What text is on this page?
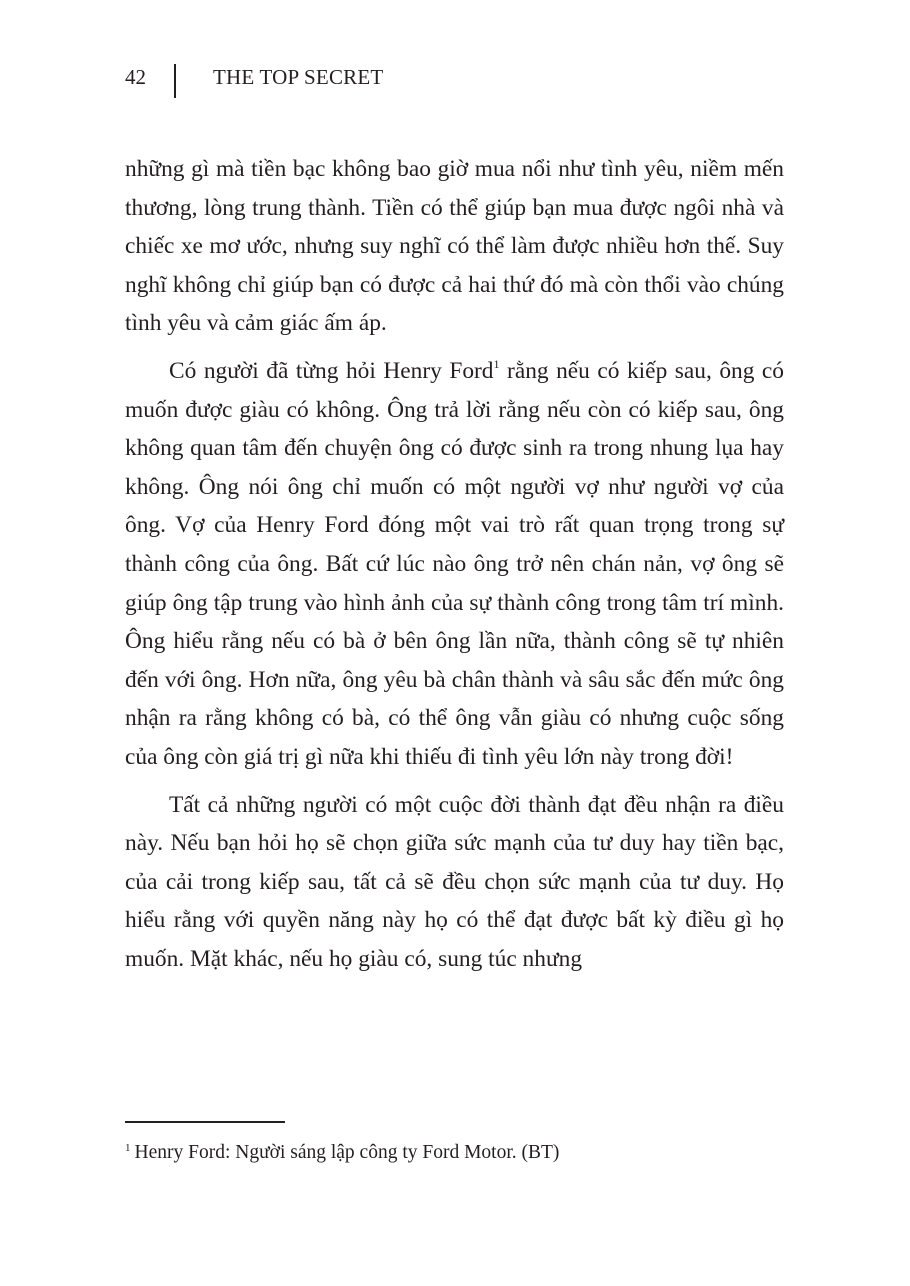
42	THE TOP SECRET

những gì mà tiền bạc không bao giờ mua nổi như tình yêu, niềm mến thương, lòng trung thành. Tiền có thể giúp bạn mua được ngôi nhà và chiếc xe mơ ước, nhưng suy nghĩ có thể làm được nhiều hơn thế. Suy nghĩ không chỉ giúp bạn có được cả hai thứ đó mà còn thổi vào chúng tình yêu và cảm giác ấm áp.

Có người đã từng hỏi Henry Ford$^1$ rằng nếu có kiếp sau, ông có muốn được giàu có không. Ông trả lời rằng nếu còn có kiếp sau, ông không quan tâm đến chuyện ông có được sinh ra trong nhung lụa hay không. Ông nói ông chỉ muốn có một người vợ như người vợ của ông. Vợ của Henry Ford đóng một vai trò rất quan trọng trong sự thành công của ông. Bất cứ lúc nào ông trở nên chán nản, vợ ông sẽ giúp ông tập trung vào hình ảnh của sự thành công trong tâm trí mình. Ông hiểu rằng nếu có bà ở bên ông lần nữa, thành công sẽ tự nhiên đến với ông. Hơn nữa, ông yêu bà chân thành và sâu sắc đến mức ông nhận ra rằng không có bà, có thể ông vẫn giàu có nhưng cuộc sống của ông còn giá trị gì nữa khi thiếu đi tình yêu lớn này trong đời!

Tất cả những người có một cuộc đời thành đạt đều nhận ra điều này. Nếu bạn hỏi họ sẽ chọn giữa sức mạnh của tư duy hay tiền bạc, của cải trong kiếp sau, tất cả sẽ đều chọn sức mạnh của tư duy. Họ hiểu rằng với quyền năng này họ có thể đạt được bất kỳ điều gì họ muốn. Mặt khác, nếu họ giàu có, sung túc nhưng

$^1$ Henry Ford: Người sáng lập công ty Ford Motor. (BT)
